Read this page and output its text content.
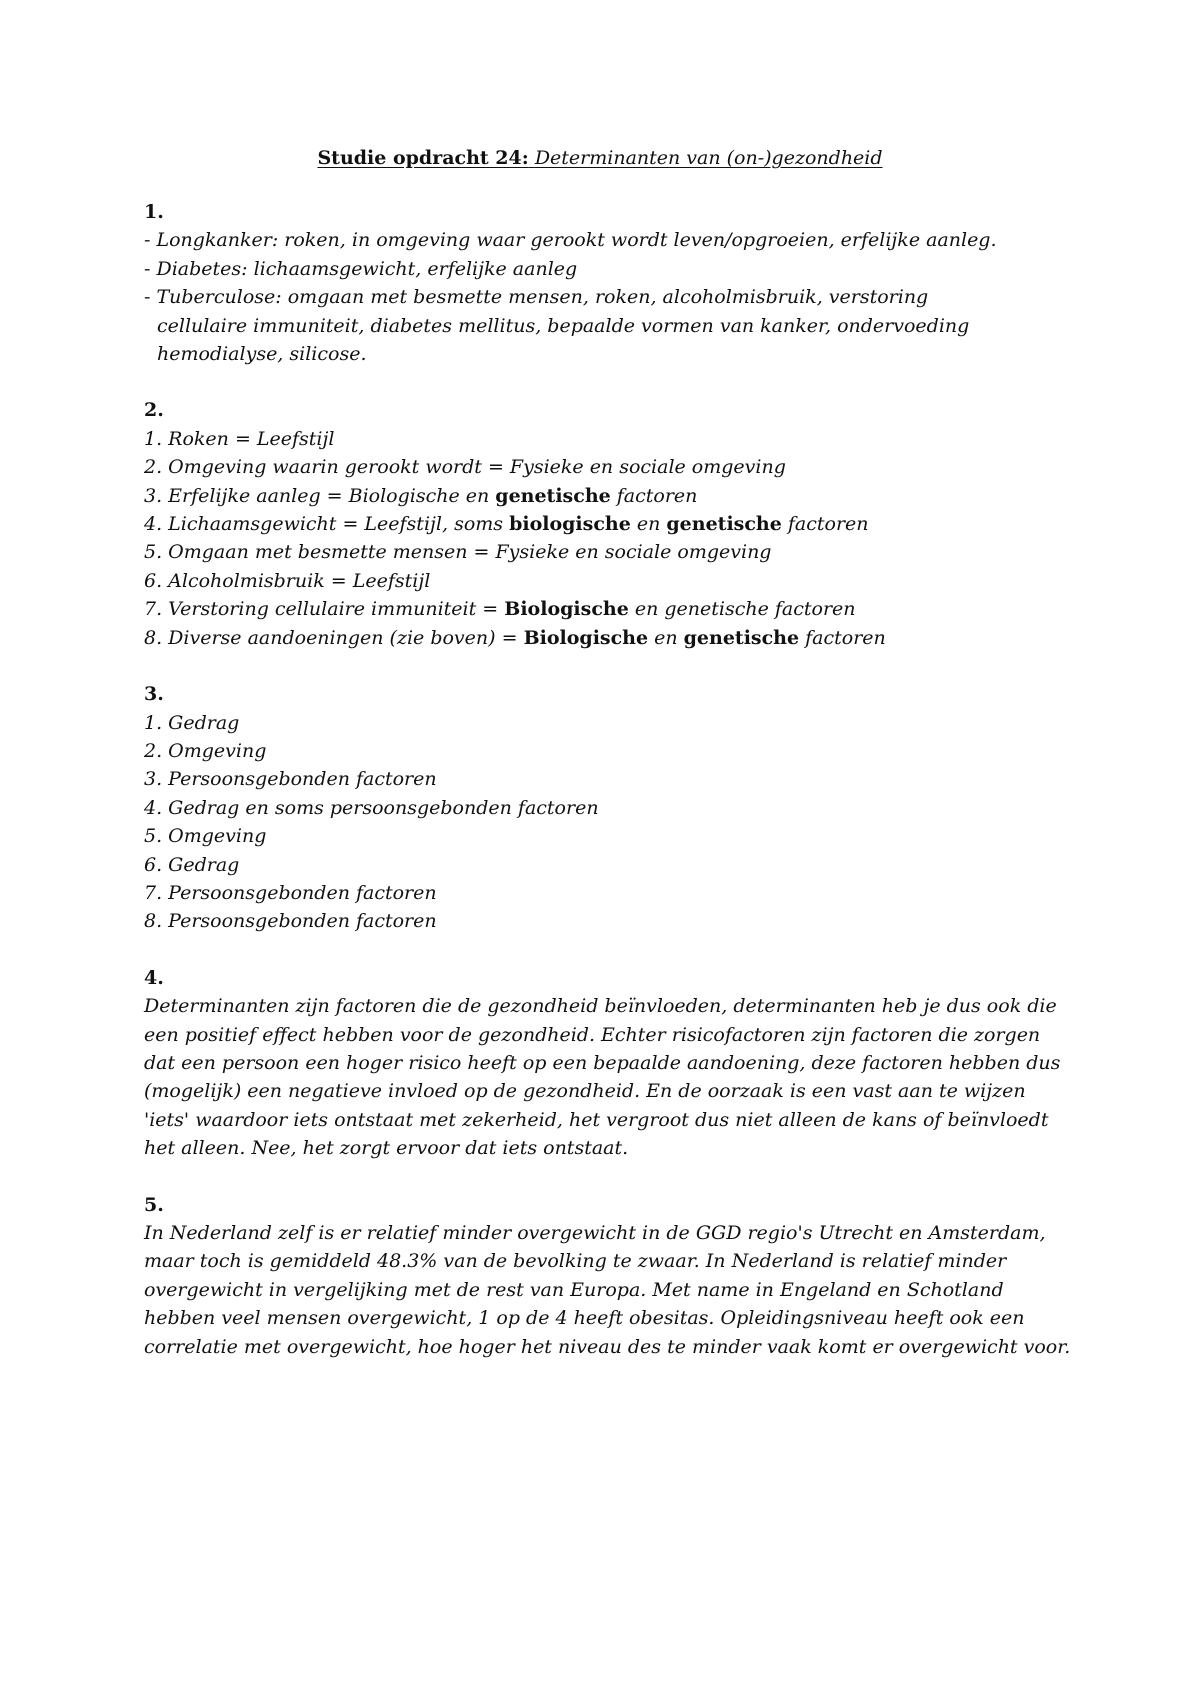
Studie opdracht 24: Determinanten van (on-)gezondheid
1.
- Longkanker: roken, in omgeving waar gerookt wordt leven/opgroeien, erfelijke aanleg.
- Diabetes: lichaamsgewicht, erfelijke aanleg
- Tuberculose: omgaan met besmette mensen, roken, alcoholmisbruik, verstoring cellulaire immuniteit, diabetes mellitus, bepaalde vormen van kanker, ondervoeding hemodialyse, silicose.
2.
1. Roken = Leefstijl
2. Omgeving waarin gerookt wordt = Fysieke en sociale omgeving
3. Erfelijke aanleg = Biologische en genetische factoren
4. Lichaamsgewicht = Leefstijl, soms biologische en genetische factoren
5. Omgaan met besmette mensen = Fysieke en sociale omgeving
6. Alcoholmisbruik = Leefstijl
7. Verstoring cellulaire immuniteit = Biologische en genetische factoren
8. Diverse aandoeningen (zie boven) = Biologische en genetische factoren
3.
1. Gedrag
2. Omgeving
3. Persoonsgebonden factoren
4. Gedrag en soms persoonsgebonden factoren
5. Omgeving
6. Gedrag
7. Persoonsgebonden factoren
8. Persoonsgebonden factoren
4.
Determinanten zijn factoren die de gezondheid beïnvloeden, determinanten heb je dus ook die een positief effect hebben voor de gezondheid. Echter risicofactoren zijn factoren die zorgen dat een persoon een hoger risico heeft op een bepaalde aandoening, deze factoren hebben dus (mogelijk) een negatieve invloed op de gezondheid. En de oorzaak is een vast aan te wijzen 'iets' waardoor iets ontstaat met zekerheid, het vergroot dus niet alleen de kans of beïnvloedt het alleen. Nee, het zorgt ervoor dat iets ontstaat.
5.
In Nederland zelf is er relatief minder overgewicht in de GGD regio's Utrecht en Amsterdam, maar toch is gemiddeld 48.3% van de bevolking te zwaar. In Nederland is relatief minder overgewicht in vergelijking met de rest van Europa. Met name in Engeland en Schotland hebben veel mensen overgewicht, 1 op de 4 heeft obesitas. Opleidingsniveau heeft ook een correlatie met overgewicht, hoe hoger het niveau des te minder vaak komt er overgewicht voor.
